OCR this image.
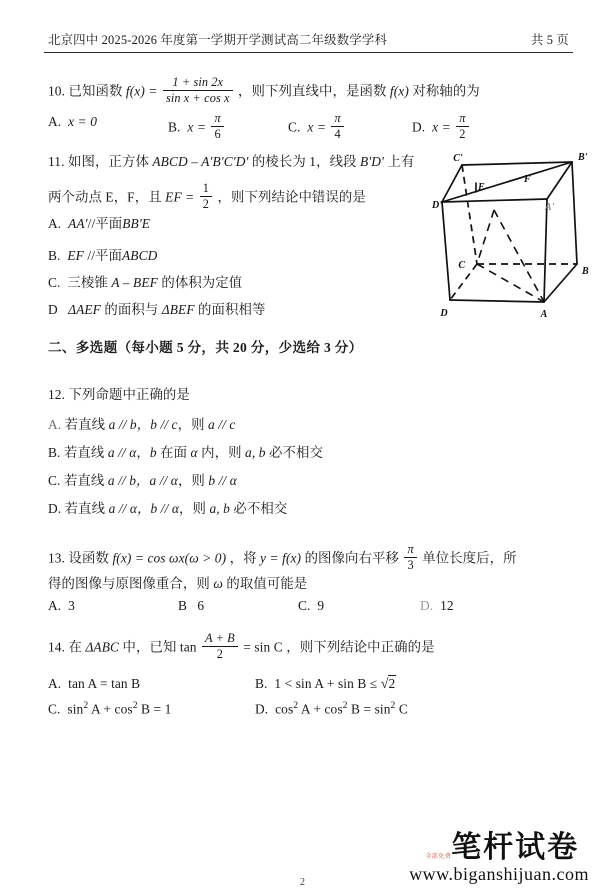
北京四中 2025-2026 年度第一学期开学测试高二年级数学学科	共 5 页
10. 已知函数 $f(x) = \frac{1 + \sin 2x}{\text{sin x + cos x}}$ ，则下列直线中，是函数 f(x) 对称轴的为
A. x = 0	B. $x = \frac{\pi}{6}$	C. $x = \frac{\pi}{4}$	D. $x = \frac{\pi}{2}$
11. 如图，正方体 ABCD – A'B'C'D' 的棱长为 1，线段 B'D' 上有
两个动点 E，F，且 EF = $\frac{1}{2}$ ，则下列结论中错误的是
A. AA'//平面BB'E
B. EF //平面ABCD
C. 三棱锥 A – BEF 的体积为定值
D ΔAEF 的面积与 ΔBEF 的面积相等
C'	B'
D'	A'
E
F
C
B
D	A
二、多选题（每小题 5 分，共 20 分，少选给 3 分）
12. 下列命题中正确的是
A. 若直线 a // b，b // c，则 a // c
B. 若直线 a // α，b 在面 α 内，则 a, b 必不相交
C. 若直线 a // b，a // α，则 b // α
D. 若直线 a // α，b // α，则 a, b 必不相交
13. 设函数 f(x) = cos ωx(ω > 0) ，将 y = f(x) 的图像向右平移 $\frac{\pi}{3}$ 单位长度后，所
得的图像与原图像重合，则 ω 的取值可能是
A. 3	B 6	C. 9	D. 12
14. 在 ΔABC 中，已知 $\tan \frac{A + B}{2} = \sin C$ ，则下列结论中正确的是
A. tan A = tan B	B. 1 < sin A + sin B ≤ √2
C. $\sin^2 A + \cos^2 B = 1$	D. $\cos^2 A + \cos^2 B = \sin^2 C$
全部免费 笔杆试卷
www.biganshijuan.com
2
